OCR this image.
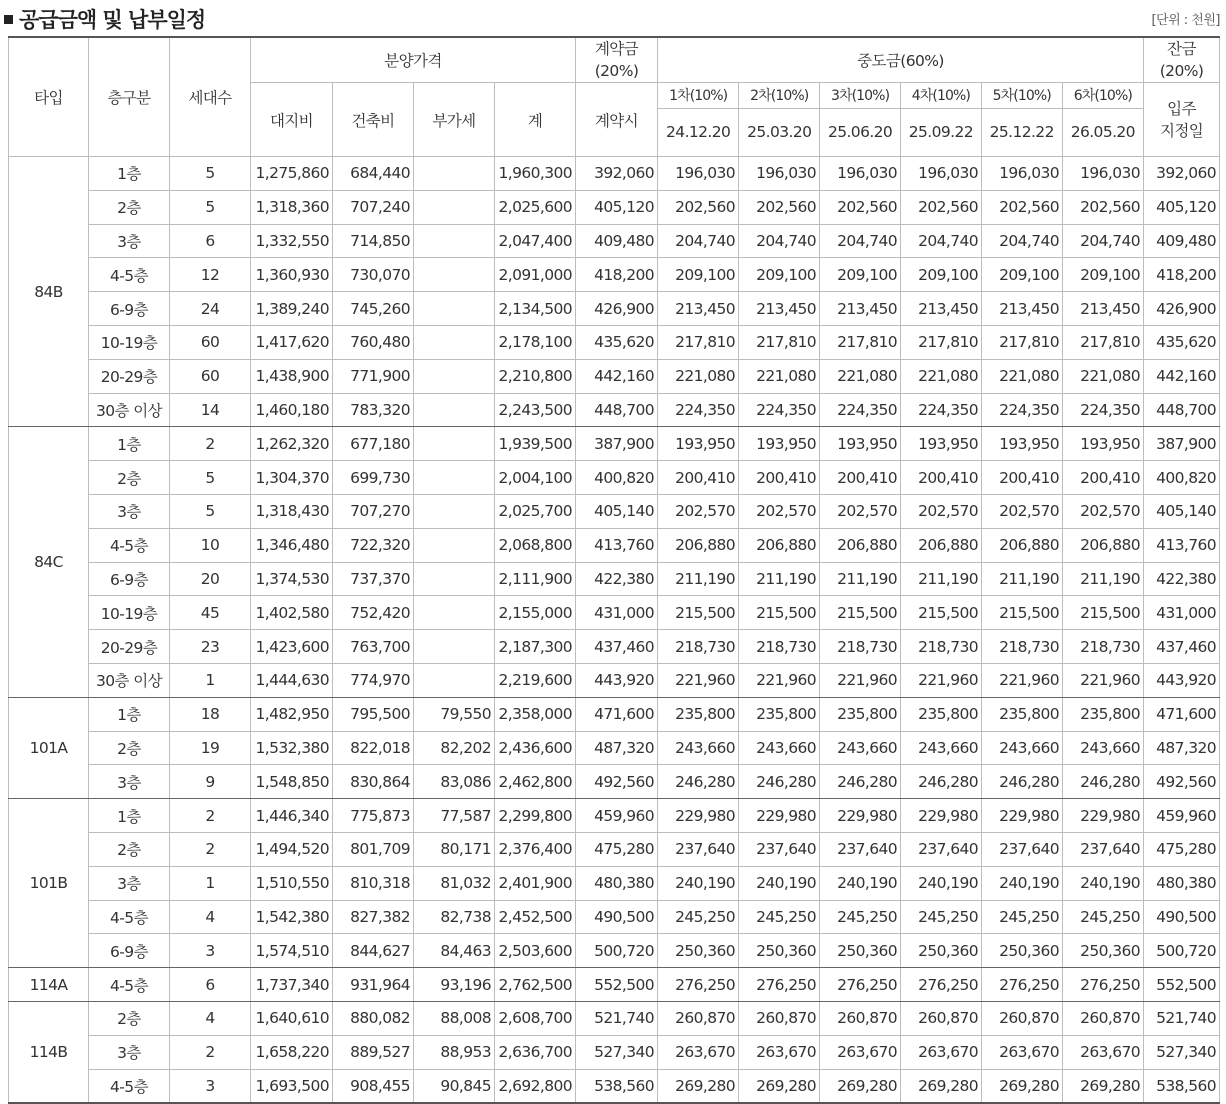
공급금액 및 납부일정	[단위 : 천원]
타입	층구분	세대수	분양가격	계약금
(20%)	중도금(60%)	잔금
(20%)
대지비	건축비	부가세	계	계약시	
1차(10%)	2차(10%)	3차(10%)	4차(10%)	5차(10%)	6차(10%)
24.12.20	25.03.20	25.06.20	25.09.22	25.12.22	26.05.20
	입주
지정일
84B	1층	5	1,275,860	684,440		1,960,300	392,060	196,030	196,030	196,030	196,030	196,030	196,030	392,060
2층	5	1,318,360	707,240		2,025,600	405,120	202,560	202,560	202,560	202,560	202,560	202,560	405,120
3층	6	1,332,550	714,850		2,047,400	409,480	204,740	204,740	204,740	204,740	204,740	204,740	409,480
4-5층	12	1,360,930	730,070		2,091,000	418,200	209,100	209,100	209,100	209,100	209,100	209,100	418,200
6-9층	24	1,389,240	745,260		2,134,500	426,900	213,450	213,450	213,450	213,450	213,450	213,450	426,900
10-19층	60	1,417,620	760,480		2,178,100	435,620	217,810	217,810	217,810	217,810	217,810	217,810	435,620
20-29층	60	1,438,900	771,900		2,210,800	442,160	221,080	221,080	221,080	221,080	221,080	221,080	442,160
30층 이상	14	1,460,180	783,320		2,243,500	448,700	224,350	224,350	224,350	224,350	224,350	224,350	448,700
84C	1층	2	1,262,320	677,180		1,939,500	387,900	193,950	193,950	193,950	193,950	193,950	193,950	387,900
2층	5	1,304,370	699,730		2,004,100	400,820	200,410	200,410	200,410	200,410	200,410	200,410	400,820
3층	5	1,318,430	707,270		2,025,700	405,140	202,570	202,570	202,570	202,570	202,570	202,570	405,140
4-5층	10	1,346,480	722,320		2,068,800	413,760	206,880	206,880	206,880	206,880	206,880	206,880	413,760
6-9층	20	1,374,530	737,370		2,111,900	422,380	211,190	211,190	211,190	211,190	211,190	211,190	422,380
10-19층	45	1,402,580	752,420		2,155,000	431,000	215,500	215,500	215,500	215,500	215,500	215,500	431,000
20-29층	23	1,423,600	763,700		2,187,300	437,460	218,730	218,730	218,730	218,730	218,730	218,730	437,460
30층 이상	1	1,444,630	774,970		2,219,600	443,920	221,960	221,960	221,960	221,960	221,960	221,960	443,920
101A	1층	18	1,482,950	795,500	79,550	2,358,000	471,600	235,800	235,800	235,800	235,800	235,800	235,800	471,600
2층	19	1,532,380	822,018	82,202	2,436,600	487,320	243,660	243,660	243,660	243,660	243,660	243,660	487,320
3층	9	1,548,850	830,864	83,086	2,462,800	492,560	246,280	246,280	246,280	246,280	246,280	246,280	492,560
101B	1층	2	1,446,340	775,873	77,587	2,299,800	459,960	229,980	229,980	229,980	229,980	229,980	229,980	459,960
2층	2	1,494,520	801,709	80,171	2,376,400	475,280	237,640	237,640	237,640	237,640	237,640	237,640	475,280
3층	1	1,510,550	810,318	81,032	2,401,900	480,380	240,190	240,190	240,190	240,190	240,190	240,190	480,380
4-5층	4	1,542,380	827,382	82,738	2,452,500	490,500	245,250	245,250	245,250	245,250	245,250	245,250	490,500
6-9층	3	1,574,510	844,627	84,463	2,503,600	500,720	250,360	250,360	250,360	250,360	250,360	250,360	500,720
114A	4-5층	6	1,737,340	931,964	93,196	2,762,500	552,500	276,250	276,250	276,250	276,250	276,250	276,250	552,500
114B	2층	4	1,640,610	880,082	88,008	2,608,700	521,740	260,870	260,870	260,870	260,870	260,870	260,870	521,740
3층	2	1,658,220	889,527	88,953	2,636,700	527,340	263,670	263,670	263,670	263,670	263,670	263,670	527,340
4-5층	3	1,693,500	908,455	90,845	2,692,800	538,560	269,280	269,280	269,280	269,280	269,280	269,280	538,560
